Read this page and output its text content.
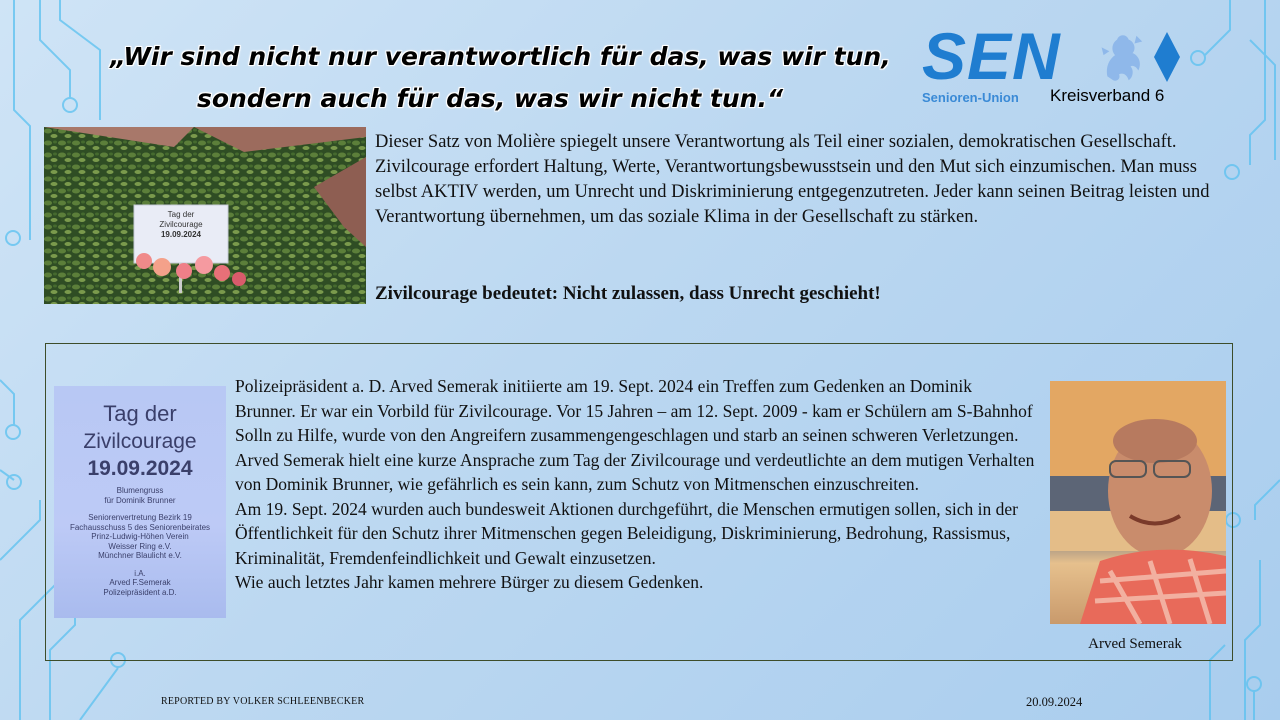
„Wir sind nicht nur verantwortlich für das, was wir tun,
sondern auch für das, was wir nicht tun.“
SEN
Senioren-Union Kreisverband 6
Tag der
Zivilcourage
19.09.2024
Dieser Satz von Molière spiegelt unsere Verantwortung als Teil einer sozialen, demokratischen Gesellschaft. Zivilcourage erfordert Haltung, Werte, Verantwortungsbewusstsein und den Mut sich einzumischen. Man muss selbst AKTIV werden, um Unrecht und Diskriminierung entgegenzutreten. Jeder kann seinen Beitrag leisten und Verantwortung übernehmen, um das soziale Klima in der Gesellschaft zu stärken.
Zivilcourage bedeutet: Nicht zulassen, dass Unrecht geschieht!
Tag der
Zivilcourage
19.09.2024
Blumengruss
für Dominik Brunner
Seniorenvertretung Bezirk 19
Fachausschuss 5 des Seniorenbeirates
Prinz-Ludwig-Höhen Verein
Weisser Ring e.V.
Münchner Blaulicht e.V.
i.A.
Arved F.Semerak
Polizeipräsident a.D.

Polizeipräsident a. D. Arved Semerak initiierte am 19. Sept. 2024 ein Treffen zum Gedenken an Dominik Brunner. Er war ein Vorbild für Zivilcourage. Vor 15 Jahren – am 12. Sept. 2009 - kam er Schülern am S-Bahnhof Solln zu Hilfe, wurde von den Angreifern zusammengengeschlagen und starb an seinen schweren Verletzungen. Arved Semerak hielt eine kurze Ansprache zum Tag der Zivilcourage und verdeutlichte an dem mutigen Verhalten von Dominik Brunner, wie gefährlich es sein kann, zum Schutz von Mitmenschen einzuschreiten.

Am 19. Sept. 2024 wurden auch bundesweit Aktionen durchgeführt, die Menschen ermutigen sollen, sich in der Öffentlichkeit für den Schutz ihrer Mitmenschen gegen Beleidigung, Diskriminierung, Bedrohung, Rassismus, Kriminalität, Fremdenfeindlichkeit und Gewalt einzusetzen.

Wie auch letztes Jahr kamen mehrere Bürger zu diesem Gedenken.

Arved Semerak
REPORTED BY VOLKER SCHLEENBECKER	20.09.2024
